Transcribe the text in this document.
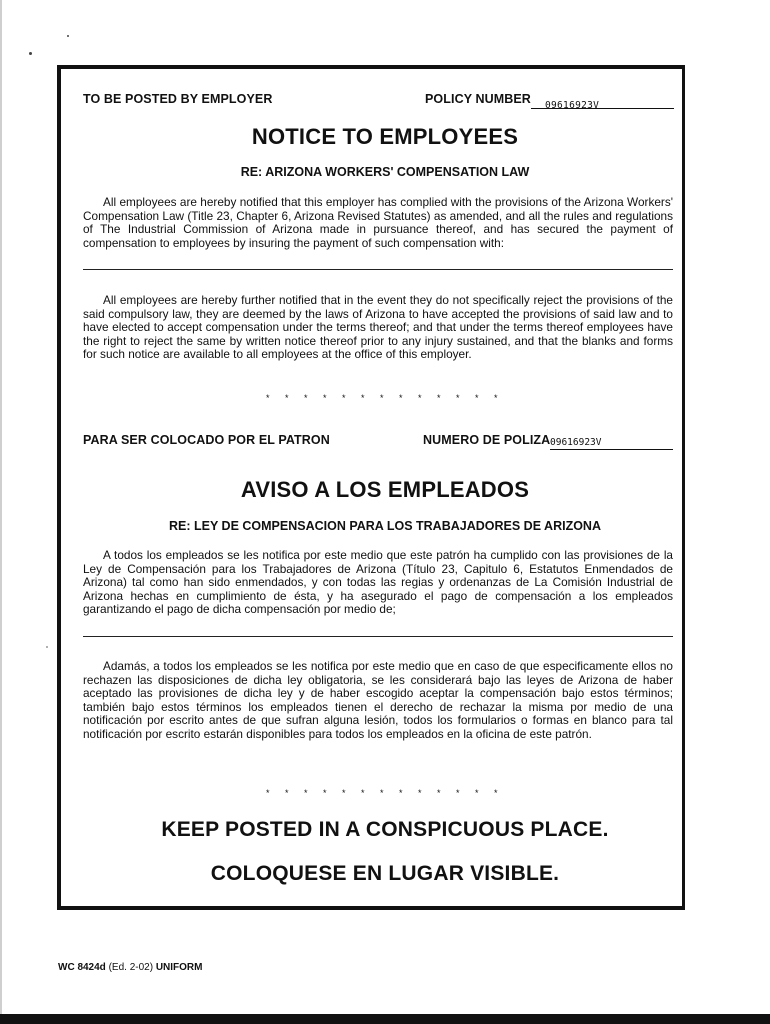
TO BE POSTED BY EMPLOYER	POLICY NUMBER	09616923V
NOTICE TO EMPLOYEES
RE: ARIZONA WORKERS' COMPENSATION LAW

All employees are hereby notified that this employer has complied with the provisions of the Arizona Workers' Compensation Law (Title 23, Chapter 6, Arizona Revised Statutes) as amended, and all the rules and regulations of The Industrial Commission of Arizona made in pursuance thereof, and has secured the payment of compensation to employees by insuring the payment of such compensation with:

All employees are hereby further notified that in the event they do not specifically reject the provisions of the said compulsory law, they are deemed by the laws of Arizona to have accepted the provisions of said law and to have elected to accept compensation under the terms thereof; and that under the terms thereof employees have the right to reject the same by written notice thereof prior to any injury sustained, and that the blanks and forms for such notice are available to all employees at the office of this employer.

* * * * * * * * * * * * *
PARA SER COLOCADO POR EL PATRON	NUMERO DE POLIZA 09616923V
AVISO A LOS EMPLEADOS
RE: LEY DE COMPENSACION PARA LOS TRABAJADORES DE ARIZONA

A todos los empleados se les notifica por este medio que este patrón ha cumplido con las provisiones de la Ley de Compensación para los Trabajadores de Arizona (Título 23, Capitulo 6, Estatutos Enmendados de Arizona) tal como han sido enmendados, y con todas las regias y ordenanzas de La Comisión Industrial de Arizona hechas en cumplimiento de ésta, y ha asegurado el pago de compensación a los empleados garantizando el pago de dicha compensación por medio de;

Adamás, a todos los empleados se les notifica por este medio que en caso de que especificamente ellos no rechazen las disposiciones de dicha ley obligatoria, se les considerará bajo las leyes de Arizona de haber aceptado las provisiones de dicha ley y de haber escogido aceptar la compensación bajo estos términos; también bajo estos términos los empleados tienen el derecho de rechazar la misma por medio de una notificación por escrito antes de que sufran alguna lesión, todos los formularios o formas en blanco para tal notificación por escrito estarán disponibles para todos los empleados en la oficina de este patrón.

* * * * * * * * * * * * *
KEEP POSTED IN A CONSPICUOUS PLACE.
COLOQUESE EN LUGAR VISIBLE.
WC 8424d (Ed. 2-02) UNIFORM
